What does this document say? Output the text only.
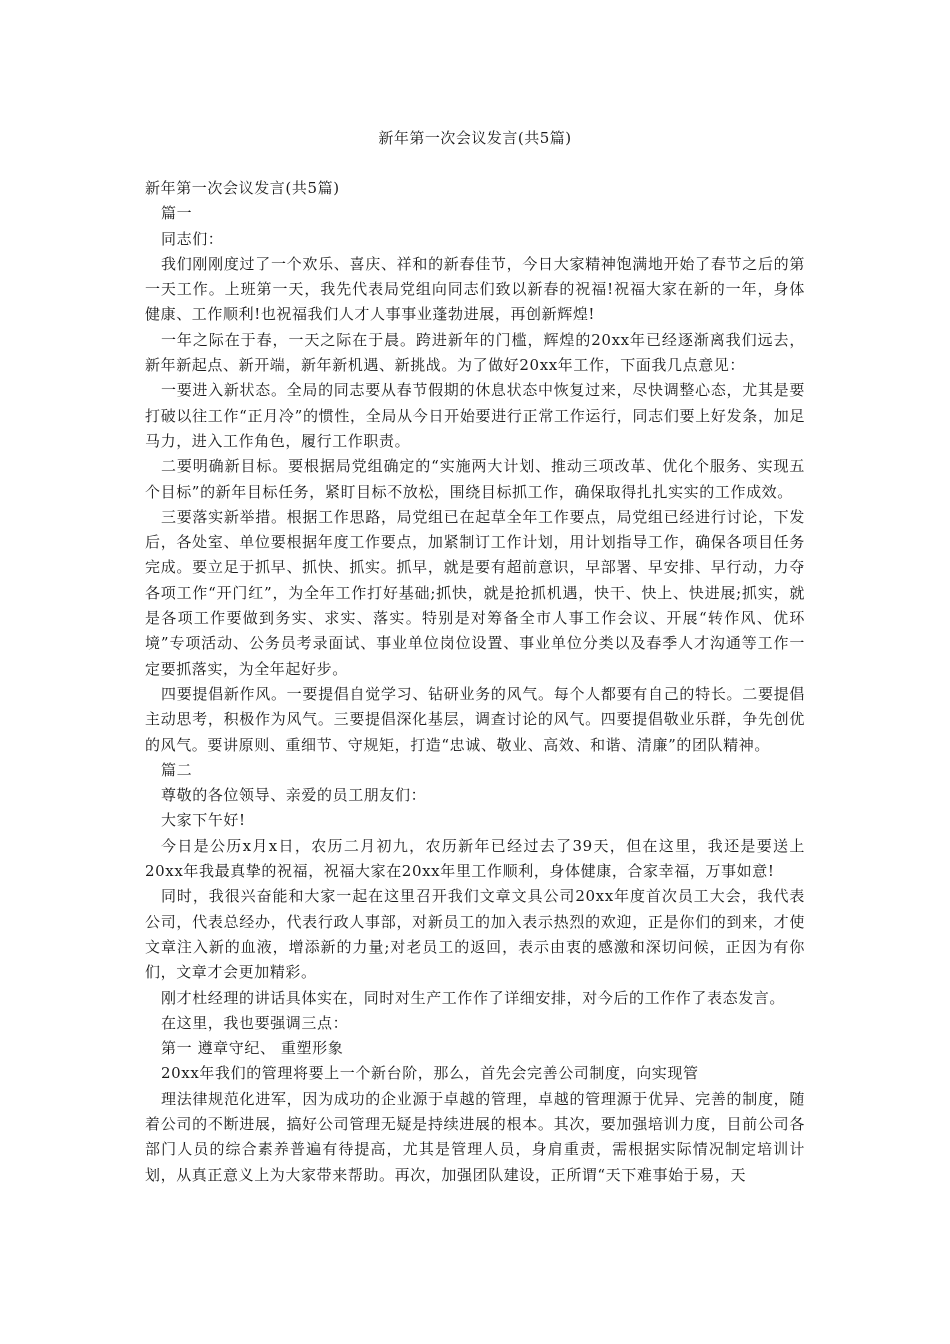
新年第一次会议发言(共5篇)

新年第一次会议发言(共5篇)

篇一

同志们：

我们刚刚度过了一个欢乐、喜庆、祥和的新春佳节，今日大家精神饱满地开始了春节之后的第一天工作。上班第一天，我先代表局党组向同志们致以新春的祝福!祝福大家在新的一年，身体健康、工作顺利!也祝福我们人才人事事业蓬勃进展，再创新辉煌!

一年之际在于春，一天之际在于晨。跨进新年的门槛，辉煌的20xx年已经逐渐离我们远去，新年新起点、新开端，新年新机遇、新挑战。为了做好20xx年工作，下面我几点意见：

一要进入新状态。全局的同志要从春节假期的休息状态中恢复过来，尽快调整心态，尤其是要打破以往工作“正月冷”的惯性，全局从今日开始要进行正常工作运行，同志们要上好发条，加足马力，进入工作角色，履行工作职责。

二要明确新目标。要根据局党组确定的“实施两大计划、推动三项改革、优化个服务、实现五个目标”的新年目标任务，紧盯目标不放松，围绕目标抓工作，确保取得扎扎实实的工作成效。

三要落实新举措。根据工作思路，局党组已在起草全年工作要点，局党组已经进行讨论，下发后，各处室、单位要根据年度工作要点，加紧制订工作计划，用计划指导工作，确保各项目任务完成。要立足于抓早、抓快、抓实。抓早，就是要有超前意识，早部署、早安排、早行动，力夺各项工作“开门红”，为全年工作打好基础;抓快，就是抢抓机遇，快干、快上、快进展;抓实，就是各项工作要做到务实、求实、落实。特别是对筹备全市人事工作会议、开展“转作风、优环境”专项活动、公务员考录面试、事业单位岗位设置、事业单位分类以及春季人才沟通等工作一定要抓落实，为全年起好步。

四要提倡新作风。一要提倡自觉学习、钻研业务的风气。每个人都要有自己的特长。二要提倡主动思考，积极作为风气。三要提倡深化基层，调查讨论的风气。四要提倡敬业乐群，争先创优的风气。要讲原则、重细节、守规矩，打造“忠诚、敬业、高效、和谐、清廉”的团队精神。

篇二

尊敬的各位领导、亲爱的员工朋友们：

大家下午好!

今日是公历x月x日，农历二月初九，农历新年已经过去了39天，但在这里，我还是要送上20xx年我最真挚的祝福，祝福大家在20xx年里工作顺利，身体健康，合家幸福，万事如意!

同时，我很兴奋能和大家一起在这里召开我们文章文具公司20xx年度首次员工大会，我代表公司，代表总经办，代表行政人事部，对新员工的加入表示热烈的欢迎，正是你们的到来，才使文章注入新的血液，增添新的力量;对老员工的返回，表示由衷的感激和深切问候，正因为有你们，文章才会更加精彩。

刚才杜经理的讲话具体实在，同时对生产工作作了详细安排，对今后的工作作了表态发言。

在这里，我也要强调三点：

第一 遵章守纪、 重塑形象

20xx年我们的管理将要上一个新台阶，那么，首先会完善公司制度，向实现管

理法律规范化进军，因为成功的企业源于卓越的管理，卓越的管理源于优异、完善的制度，随着公司的不断进展，搞好公司管理无疑是持续进展的根本。其次，要加强培训力度，目前公司各部门人员的综合素养普遍有待提高，尤其是管理人员，身肩重责，需根据实际情况制定培训计划，从真正意义上为大家带来帮助。再次，加强团队建设，正所谓“天下难事始于易，天
